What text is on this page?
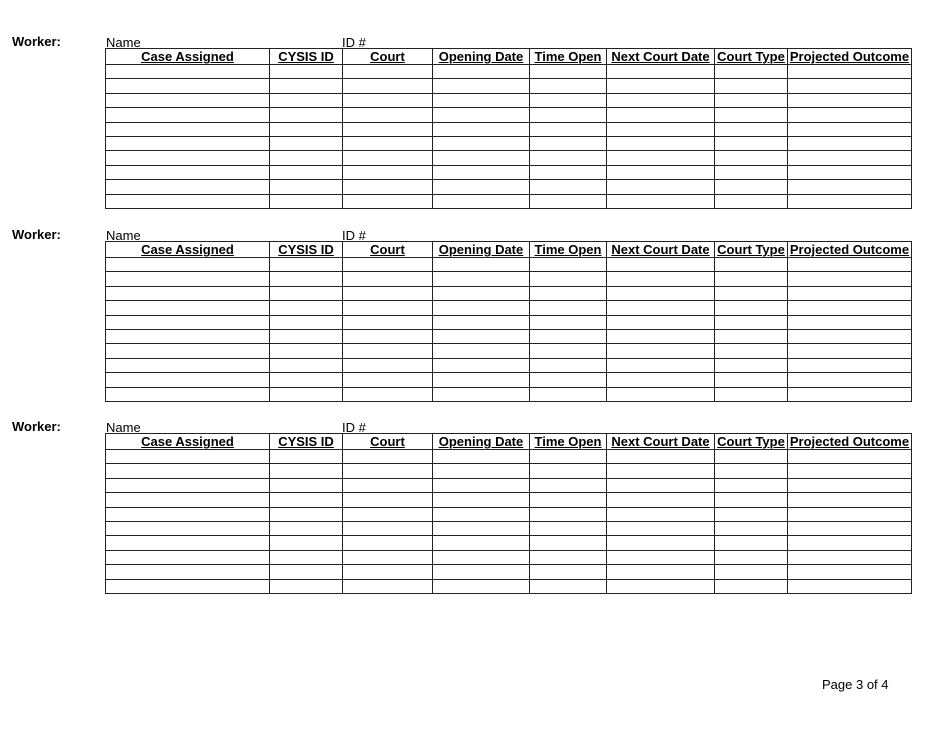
Worker:	Name	ID #
Case Assigned	CYSIS ID	Court	Opening Date	Time Open	Next Court Date	Court Type	Projected Outcome

Worker:	Name	ID #
Case Assigned	CYSIS ID	Court	Opening Date	Time Open	Next Court Date	Court Type	Projected Outcome

Worker:	Name	ID #
Case Assigned	CYSIS ID	Court	Opening Date	Time Open	Next Court Date	Court Type	Projected Outcome

Page 3 of 4
